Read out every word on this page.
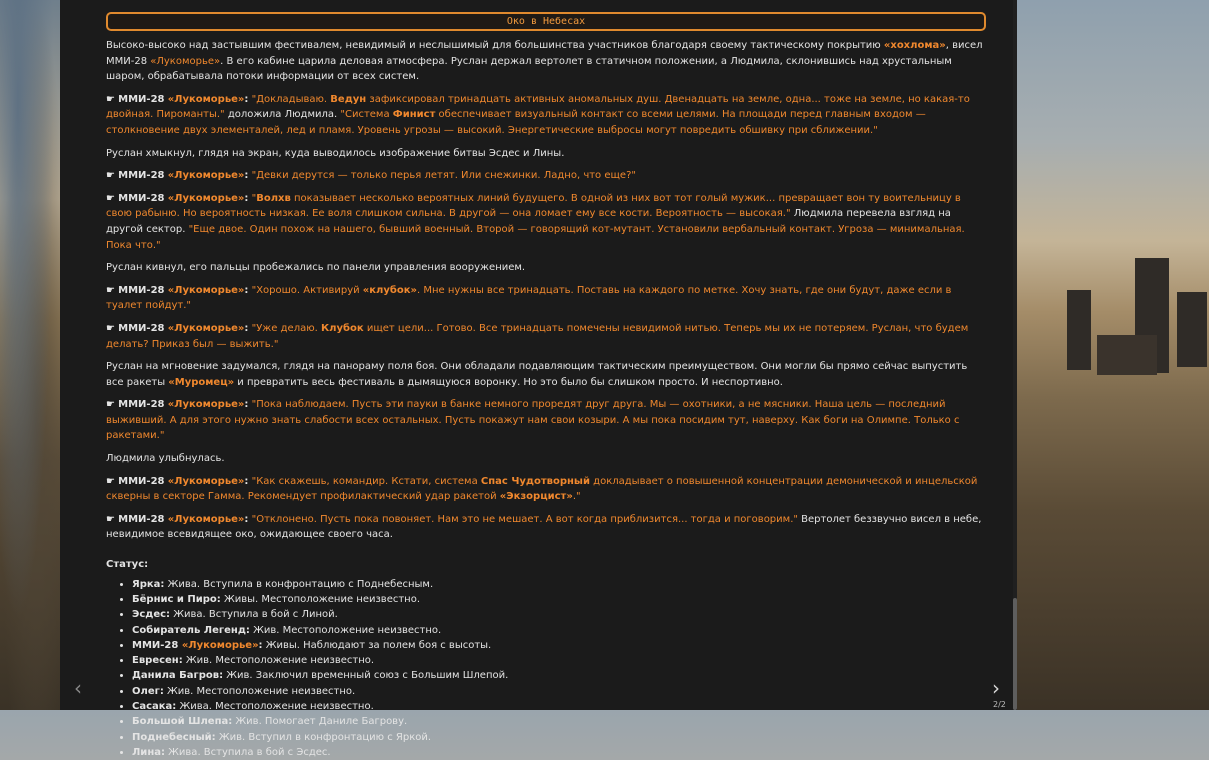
Око в Небесах

Высоко-высоко над застывшим фестивалем, невидимый и неслышимый для большинства участников благодаря своему тактическому покрытию «хохлома», висел ММИ-28 «Лукоморье». В его кабине царила деловая атмосфера. Руслан держал вертолет в статичном положении, а Людмила, склонившись над хрустальным шаром, обрабатывала потоки информации от всех систем.

☛ ММИ-28 «Лукоморье»: "Докладываю. Ведун зафиксировал тринадцать активных аномальных душ. Двенадцать на земле, одна... тоже на земле, но какая-то двойная. Пироманты." доложила Людмила. "Система Финист обеспечивает визуальный контакт со всеми целями. На площади перед главным входом — столкновение двух элементалей, лед и пламя. Уровень угрозы — высокий. Энергетические выбросы могут повредить обшивку при сближении."

Руслан хмыкнул, глядя на экран, куда выводилось изображение битвы Эсдес и Лины.

☛ ММИ-28 «Лукоморье»: "Девки дерутся — только перья летят. Или снежинки. Ладно, что еще?"

☛ ММИ-28 «Лукоморье»: "Волхв показывает несколько вероятных линий будущего. В одной из них вот тот голый мужик... превращает вон ту воительницу в свою рабыню. Но вероятность низкая. Ее воля слишком сильна. В другой — она ломает ему все кости. Вероятность — высокая." Людмила перевела взгляд на другой сектор. "Еще двое. Один похож на нашего, бывший военный. Второй — говорящий кот-мутант. Установили вербальный контакт. Угроза — минимальная. Пока что."

Руслан кивнул, его пальцы пробежались по панели управления вооружением.

☛ ММИ-28 «Лукоморье»: "Хорошо. Активируй «клубок». Мне нужны все тринадцать. Поставь на каждого по метке. Хочу знать, где они будут, даже если в туалет пойдут."

☛ ММИ-28 «Лукоморье»: "Уже делаю. Клубок ищет цели... Готово. Все тринадцать помечены невидимой нитью. Теперь мы их не потеряем. Руслан, что будем делать? Приказ был — выжить."

Руслан на мгновение задумался, глядя на панораму поля боя. Они обладали подавляющим тактическим преимуществом. Они могли бы прямо сейчас выпустить все ракеты «Муромец» и превратить весь фестиваль в дымящуюся воронку. Но это было бы слишком просто. И неспортивно.

☛ ММИ-28 «Лукоморье»: "Пока наблюдаем. Пусть эти пауки в банке немного проредят друг друга. Мы — охотники, а не мясники. Наша цель — последний выживший. А для этого нужно знать слабости всех остальных. Пусть покажут нам свои козыри. А мы пока посидим тут, наверху. Как боги на Олимпе. Только с ракетами."

Людмила улыбнулась.

☛ ММИ-28 «Лукоморье»: "Как скажешь, командир. Кстати, система Спас Чудотворный докладывает о повышенной концентрации демонической и инцельской скверны в секторе Гамма. Рекомендует профилактический удар ракетой «Экзорцист»."

☛ ММИ-28 «Лукоморье»: "Отклонено. Пусть пока повоняет. Нам это не мешает. А вот когда приблизится... тогда и поговорим." Вертолет беззвучно висел в небе, невидимое всевидящее око, ожидающее своего часа.

Статус:
• Ярка: Жива. Вступила в конфронтацию с Поднебесным.
• Бёрнис и Пиро: Живы. Местоположение неизвестно.
• Эсдес: Жива. Вступила в бой с Линой.
• Собиратель Легенд: Жив. Местоположение неизвестно.
• ММИ-28 «Лукоморье»: Живы. Наблюдают за полем боя с высоты.
• Евресен: Жив. Местоположение неизвестно.
• Данила Багров: Жив. Заключил временный союз с Большим Шлепой.
• Олег: Жив. Местоположение неизвестно.
• Сасака: Жива. Местоположение неизвестно.
• Большой Шлепа: Жив. Помогает Даниле Багрову.
• Поднебесный: Жив. Вступил в конфронтацию с Яркой.
• Лина: Жива. Вступила в бой с Эсдес.
‹	›
2/2
